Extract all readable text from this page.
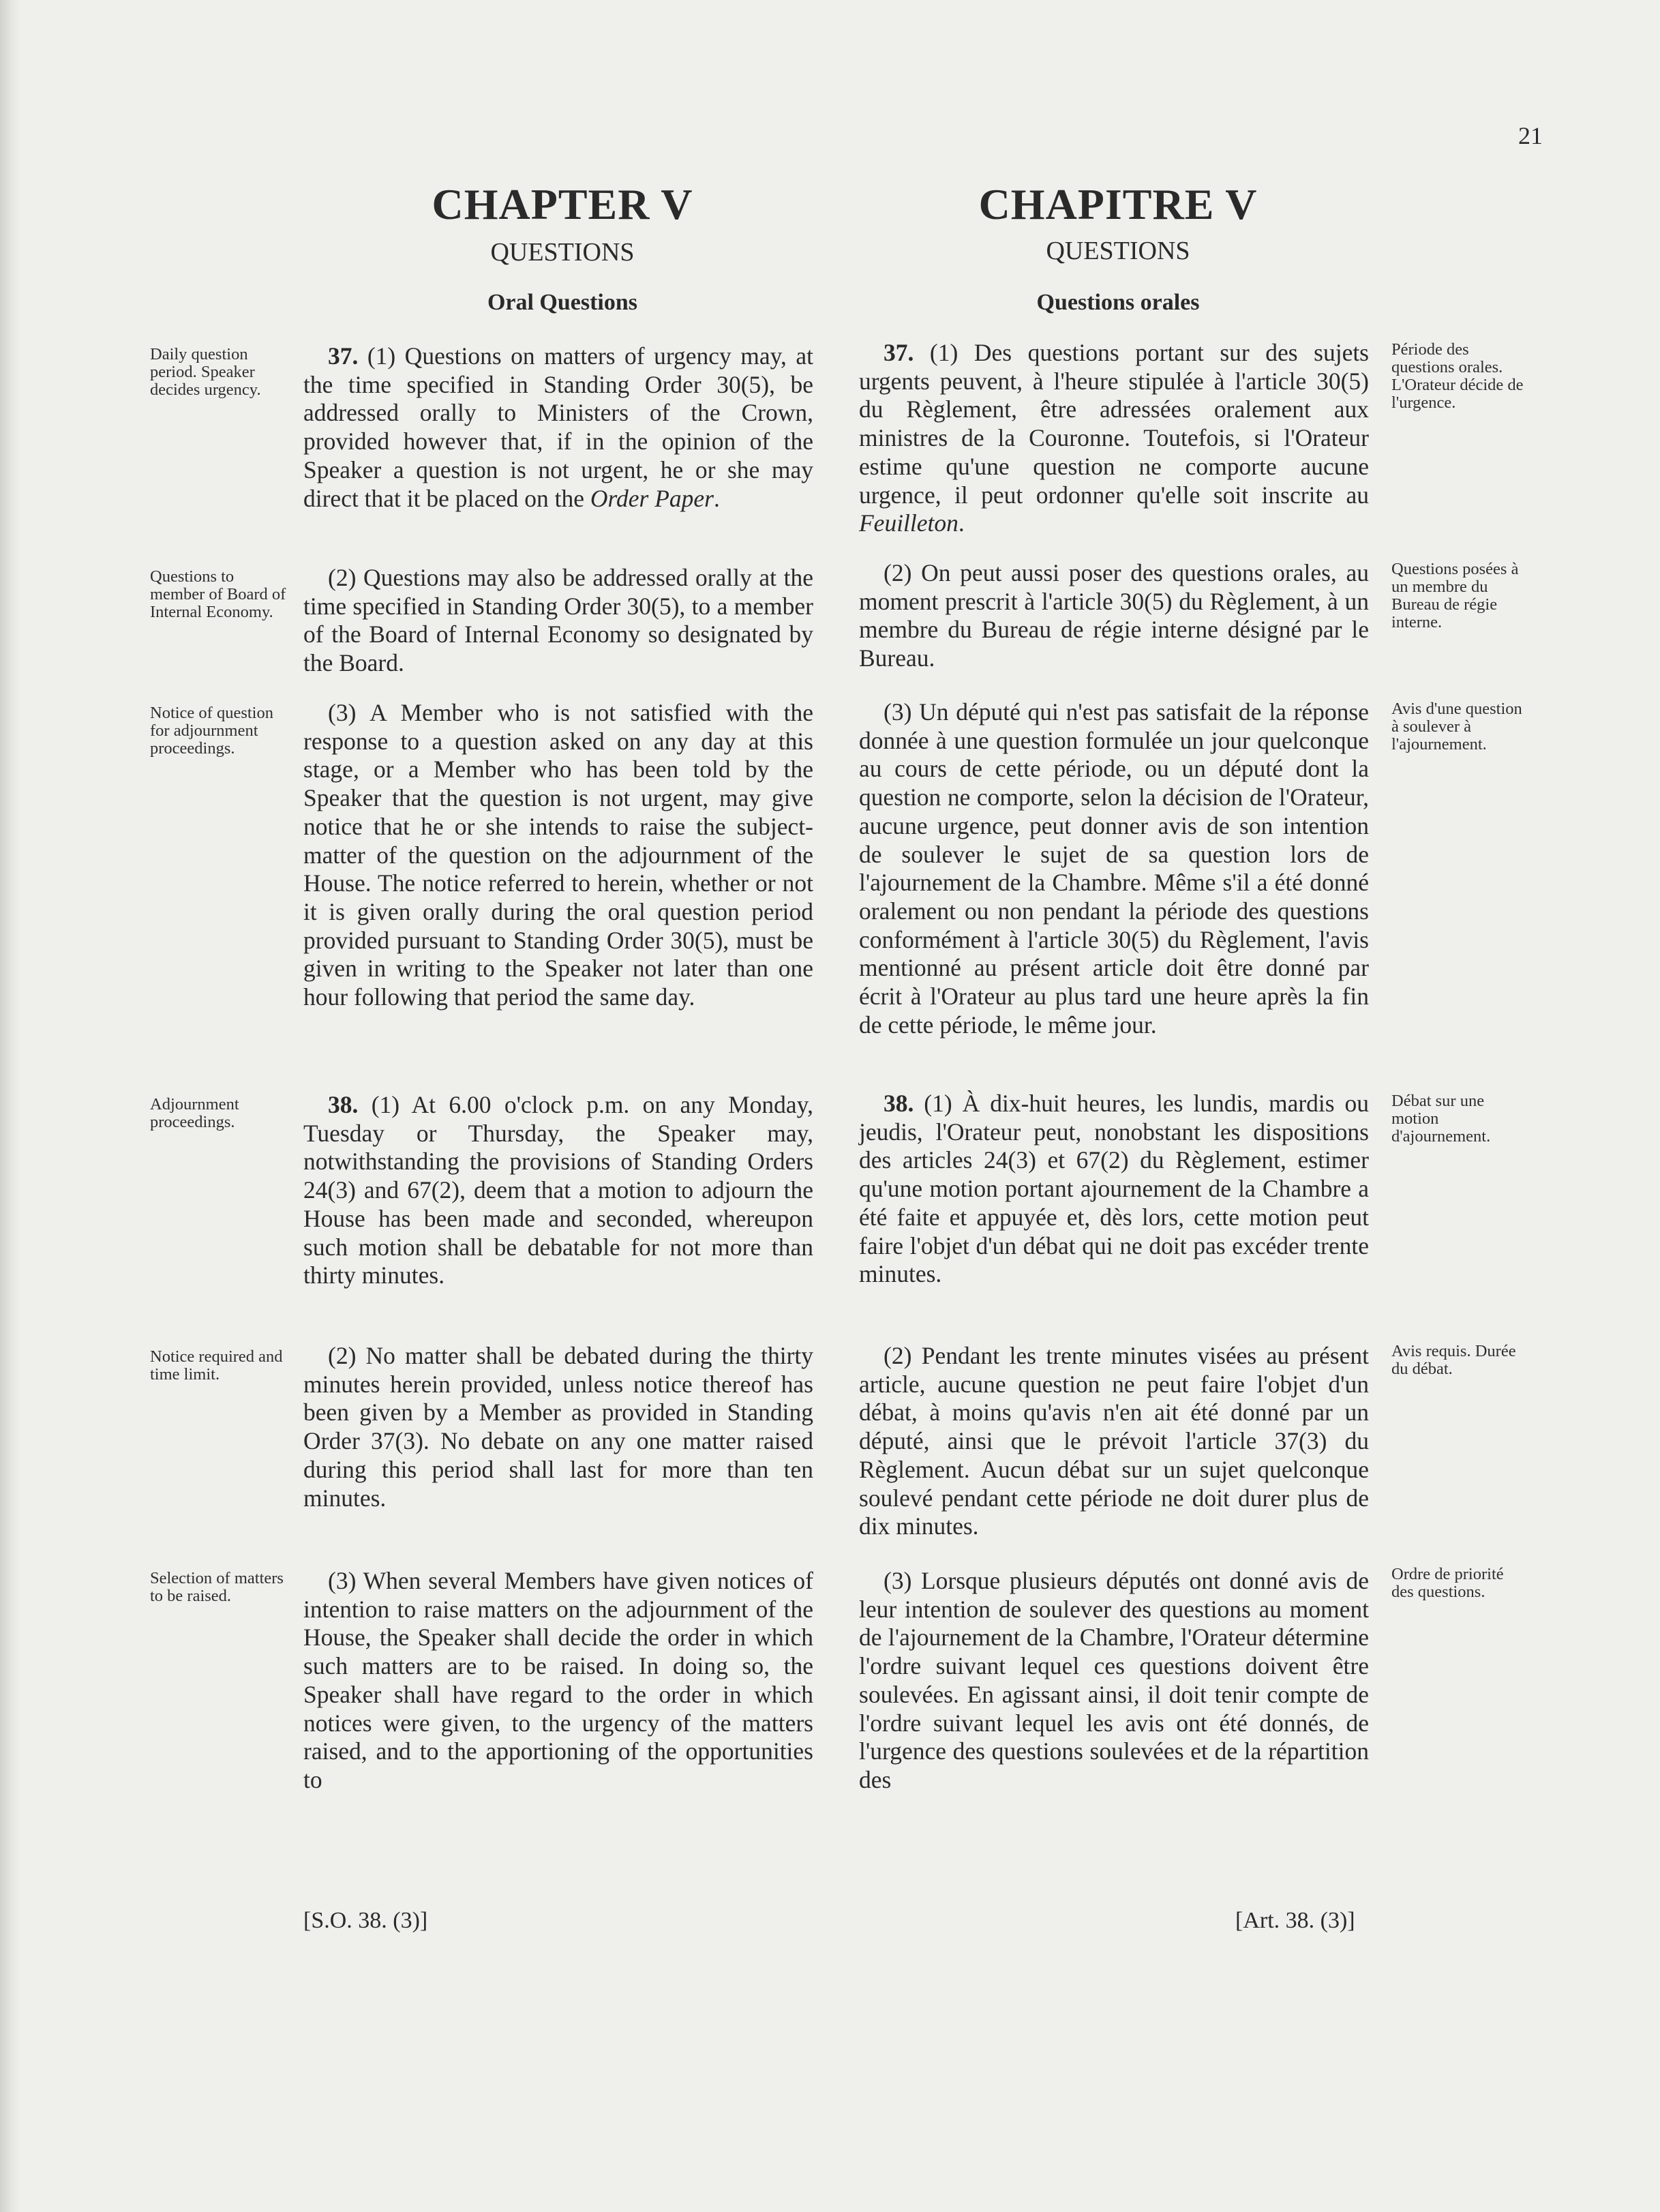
21
CHAPTER V
QUESTIONS
Oral Questions
37. (1) Questions on matters of urgency may, at the time specified in Standing Order 30(5), be addressed orally to Ministers of the Crown, provided however that, if in the opinion of the Speaker a question is not urgent, he or she may direct that it be placed on the Order Paper.
(2) Questions may also be addressed orally at the time specified in Standing Order 30(5), to a member of the Board of Internal Economy so designated by the Board.
(3) A Member who is not satisfied with the response to a question asked on any day at this stage, or a Member who has been told by the Speaker that the question is not urgent, may give notice that he or she intends to raise the subject-matter of the question on the adjournment of the House. The notice referred to herein, whether or not it is given orally during the oral question period provided pursuant to Standing Order 30(5), must be given in writing to the Speaker not later than one hour following that period the same day.
38. (1) At 6.00 o'clock p.m. on any Monday, Tuesday or Thursday, the Speaker may, notwithstanding the provisions of Standing Orders 24(3) and 67(2), deem that a motion to adjourn the House has been made and seconded, whereupon such motion shall be debatable for not more than thirty minutes.
(2) No matter shall be debated during the thirty minutes herein provided, unless notice thereof has been given by a Member as provided in Standing Order 37(3). No debate on any one matter raised during this period shall last for more than ten minutes.
(3) When several Members have given notices of intention to raise matters on the adjournment of the House, the Speaker shall decide the order in which such matters are to be raised. In doing so, the Speaker shall have regard to the order in which notices were given, to the urgency of the matters raised, and to the apportioning of the opportunities to
[S.O. 38. (3)]
Daily question period. Speaker decides urgency.
Questions to member of Board of Internal Economy.
Notice of question for adjournment proceedings.
Adjournment proceedings.
Notice required and time limit.
Selection of matters to be raised.
CHAPITRE V
QUESTIONS
Questions orales
37. (1) Des questions portant sur des sujets urgents peuvent, à l'heure stipulée à l'article 30(5) du Règlement, être adressées oralement aux ministres de la Couronne. Toutefois, si l'Orateur estime qu'une question ne comporte aucune urgence, il peut ordonner qu'elle soit inscrite au Feuilleton.
(2) On peut aussi poser des questions orales, au moment prescrit à l'article 30(5) du Règlement, à un membre du Bureau de régie interne désigné par le Bureau.
(3) Un député qui n'est pas satisfait de la réponse donnée à une question formulée un jour quelconque au cours de cette période, ou un député dont la question ne comporte, selon la décision de l'Orateur, aucune urgence, peut donner avis de son intention de soulever le sujet de sa question lors de l'ajournement de la Chambre. Même s'il a été donné oralement ou non pendant la période des questions conformément à l'article 30(5) du Règlement, l'avis mentionné au présent article doit être donné par écrit à l'Orateur au plus tard une heure après la fin de cette période, le même jour.
38. (1) À dix-huit heures, les lundis, mardis ou jeudis, l'Orateur peut, nonobstant les dispositions des articles 24(3) et 67(2) du Règlement, estimer qu'une motion portant ajournement de la Chambre a été faite et appuyée et, dès lors, cette motion peut faire l'objet d'un débat qui ne doit pas excéder trente minutes.
(2) Pendant les trente minutes visées au présent article, aucune question ne peut faire l'objet d'un débat, à moins qu'avis n'en ait été donné par un député, ainsi que le prévoit l'article 37(3) du Règlement. Aucun débat sur un sujet quelconque soulevé pendant cette période ne doit durer plus de dix minutes.
(3) Lorsque plusieurs députés ont donné avis de leur intention de soulever des questions au moment de l'ajournement de la Chambre, l'Orateur détermine l'ordre suivant lequel ces questions doivent être soulevées. En agissant ainsi, il doit tenir compte de l'ordre suivant lequel les avis ont été donnés, de l'urgence des questions soulevées et de la répartition des
[Art. 38. (3)]
Période des questions orales. L'Orateur décide de l'urgence.
Questions posées à un membre du Bureau de régie interne.
Avis d'une question à soulever à l'ajournement.
Débat sur une motion d'ajournement.
Avis requis. Durée du débat.
Ordre de priorité des questions.
